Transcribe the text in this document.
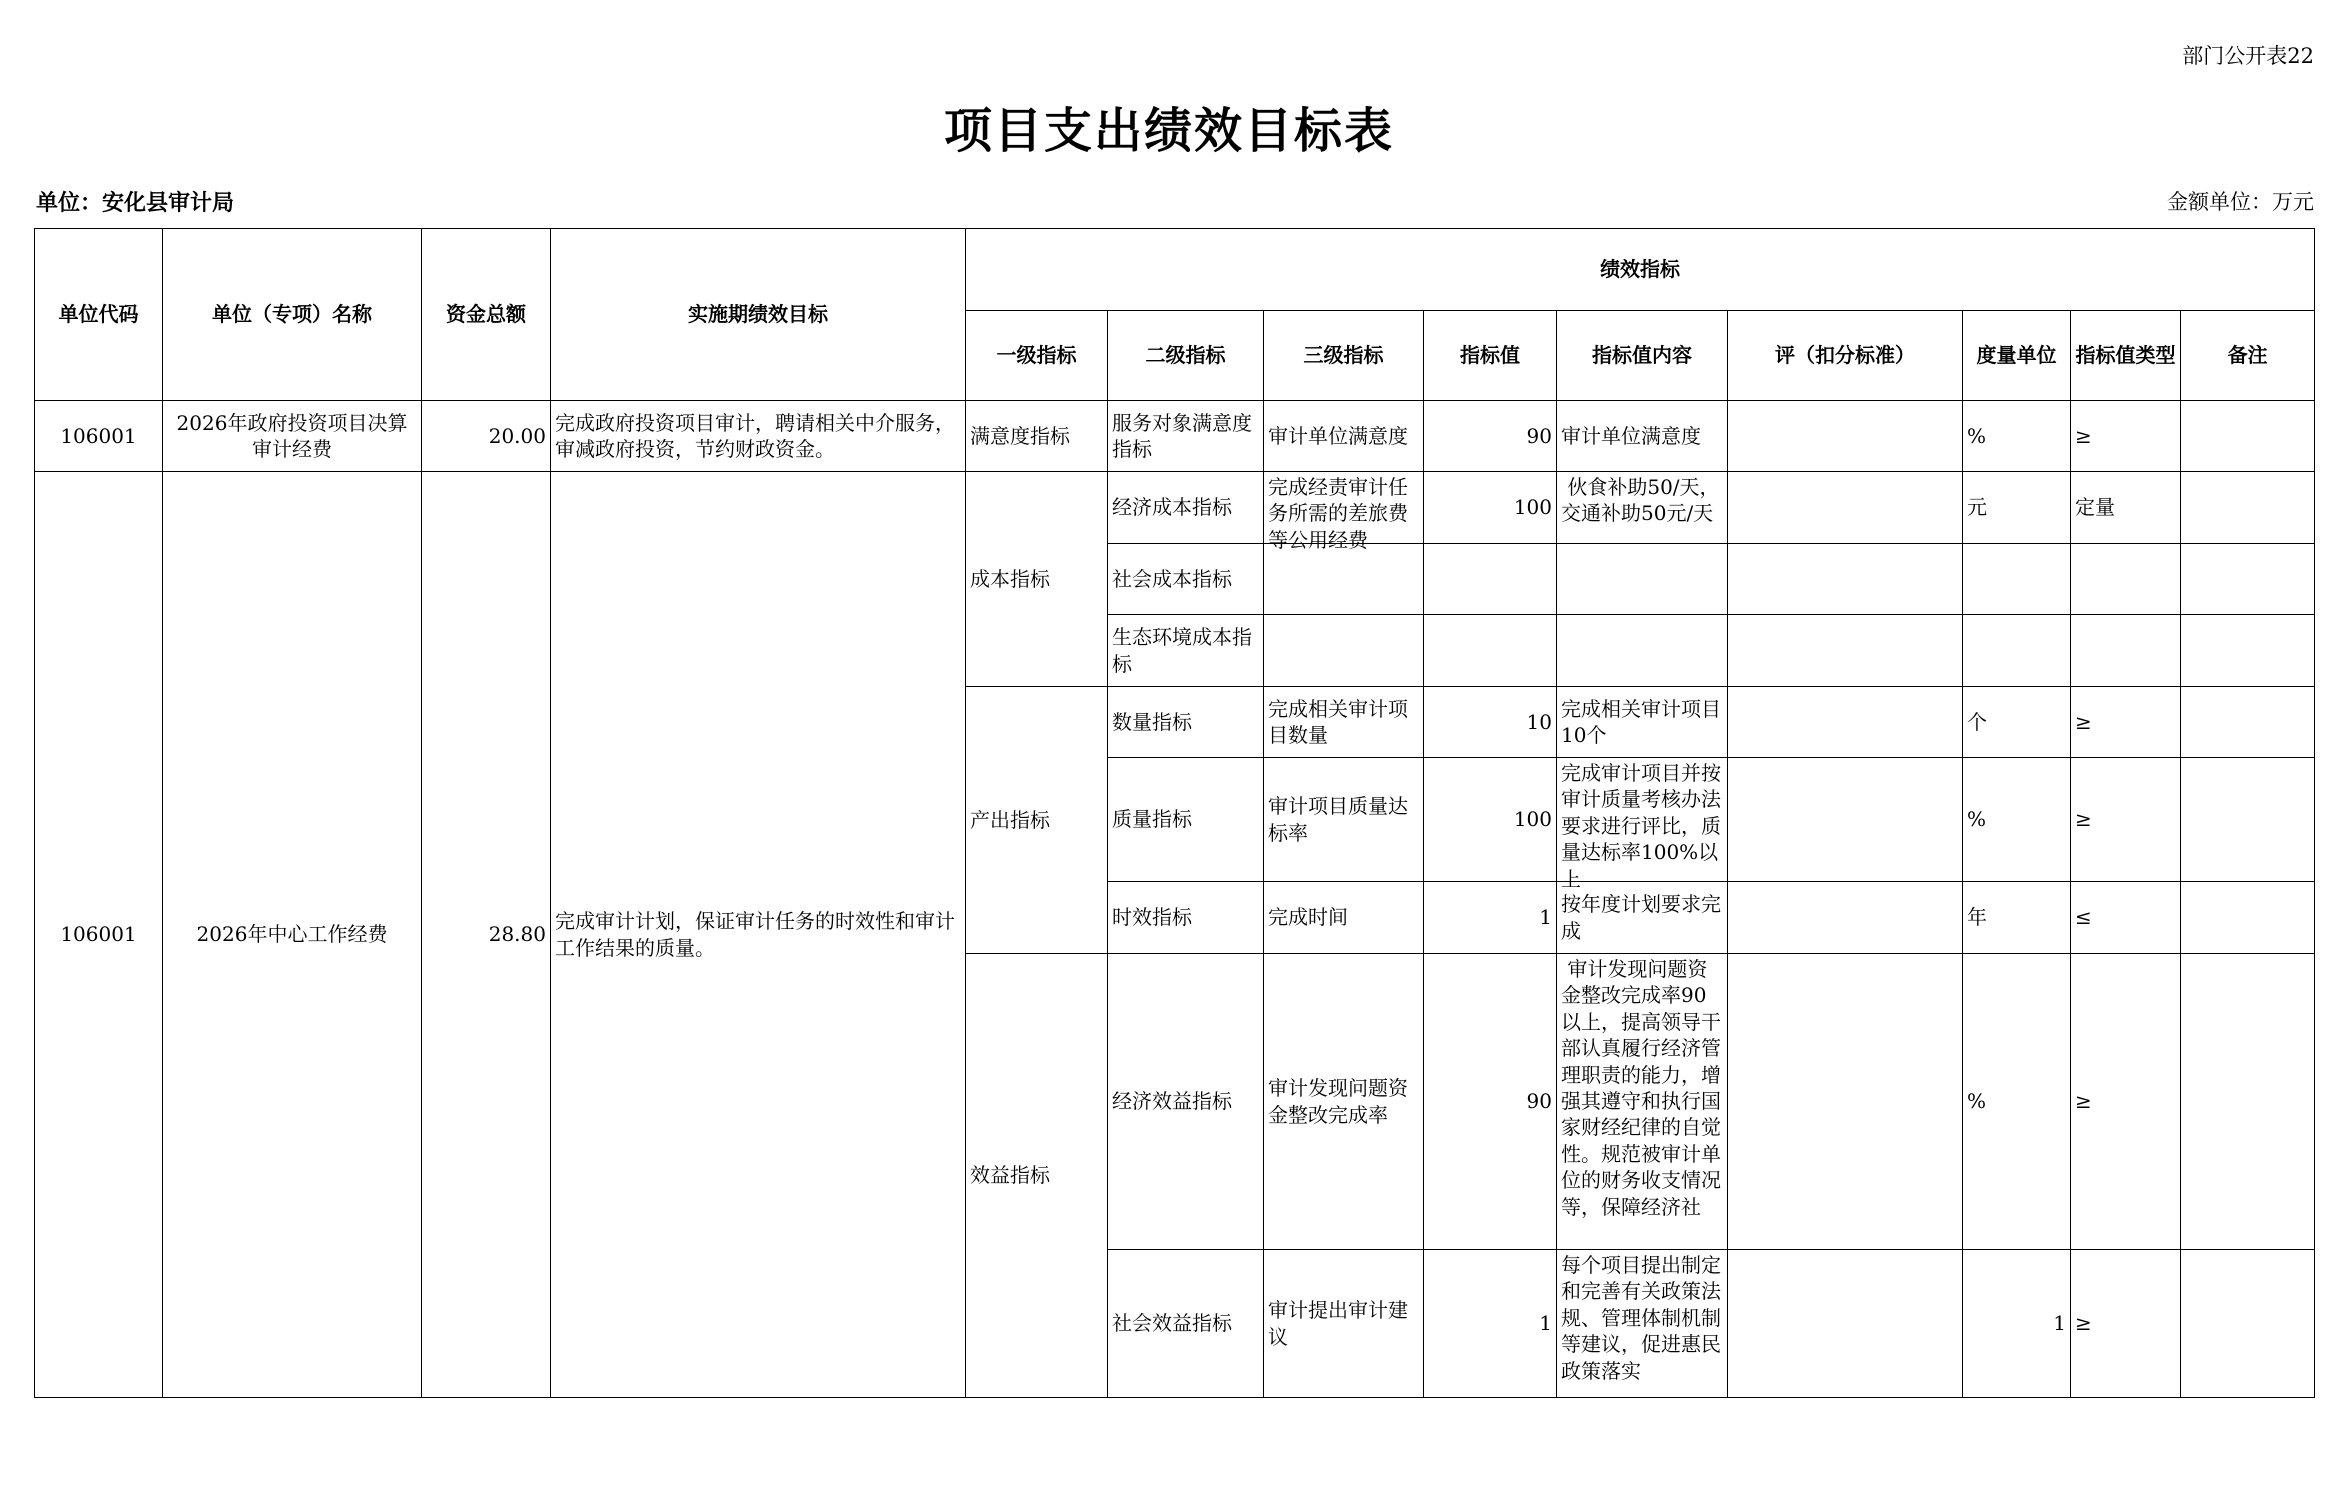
部门公开表22
项目支出绩效目标表
单位：安化县审计局	金额单位：万元
单位代码	单位（专项）名称	资金总额	实施期绩效目标	绩效指标								
				一级指标	二级指标	三级指标	指标值	指标值内容	评（扣分标准）	度量单位	指标值类型	备注
106001	2026年政府投资项目决算审计经费	20.00	完成政府投资项目审计，聘请相关中介服务，审减政府投资，节约财政资金。	满意度指标	服务对象满意度指标	审计单位满意度	90	审计单位满意度		%	≥	
106001	2026年中心工作经费	28.80	完成审计计划，保证审计任务的时效性和审计工作结果的质量。	成本指标	经济成本指标	完成经责审计任务所需的差旅费等公用经费	100	伙食补助50/天，交通补助50元/天		元	定量	
					社会成本指标							
					生态环境成本指标							
				产出指标	数量指标	完成相关审计项目数量	10	完成相关审计项目10个		个	≥	
					质量指标	审计项目质量达标率	100	完成审计项目并按审计质量考核办法要求进行评比，质量达标率100%以上		%	≥	
					时效指标	完成时间	1	按年度计划要求完成		年	≤	
				效益指标	经济效益指标	审计发现问题资金整改完成率	90	审计发现问题资金整改完成率90以上，提高领导干部认真履行经济管理职责的能力，增强其遵守和执行国家财经纪律的自觉性。规范被审计单位的财务收支情况等，保障经济社		%	≥	
					社会效益指标	审计提出审计建议	1	每个项目提出制定和完善有关政策法规、管理体制机制等建议，促进惠民政策落实		1	≥	
